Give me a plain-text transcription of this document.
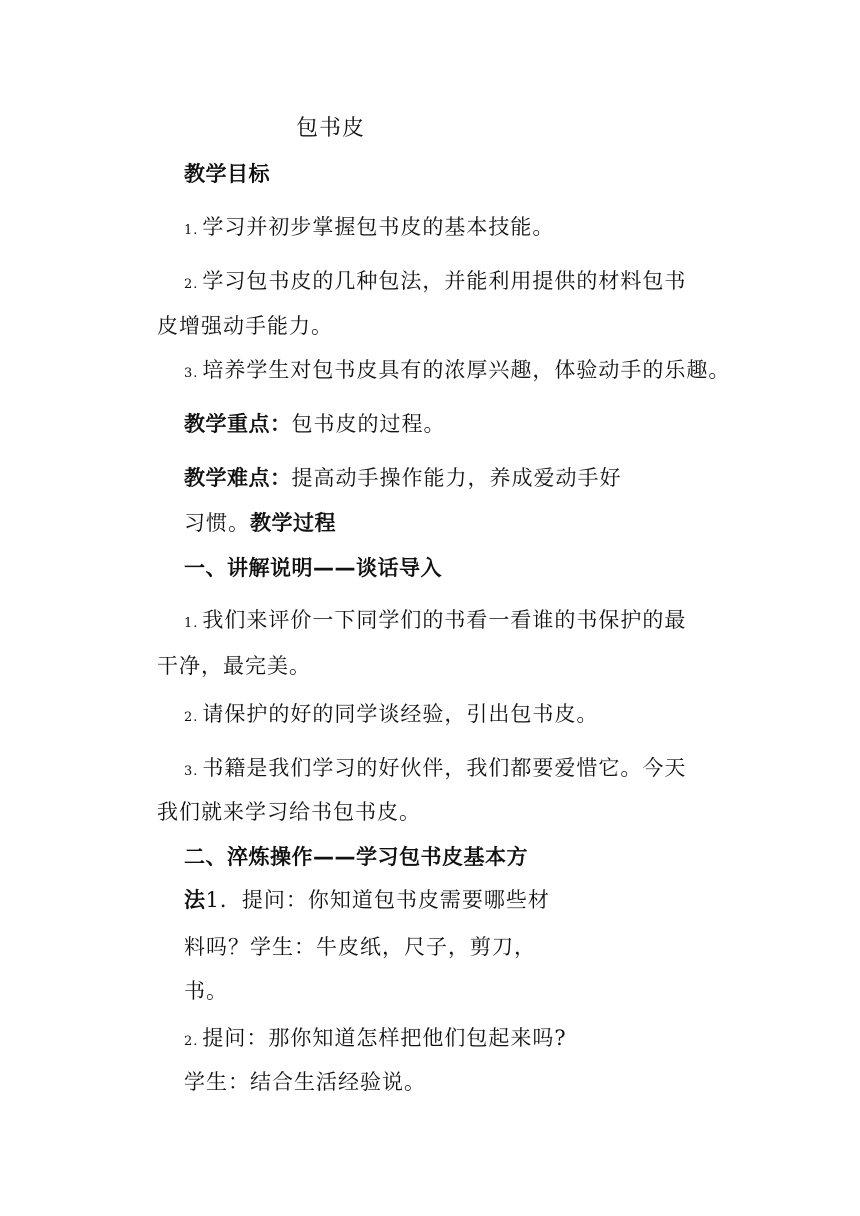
包书皮
教学目标
1. 学习并初步掌握包书皮的基本技能。
2. 学习包书皮的几种包法，并能利用提供的材料包书
皮增强动手能力。
3. 培养学生对包书皮具有的浓厚兴趣，体验动手的乐趣。
教学重点：包书皮的过程。
教学难点：提高动手操作能力，养成爱动手好
习惯。教学过程
一、讲解说明——谈话导入
1. 我们来评价一下同学们的书看一看谁的书保护的最
干净，最完美。
2. 请保护的好的同学谈经验，引出包书皮。
3. 书籍是我们学习的好伙伴，我们都要爱惜它。今天
我们就来学习给书包书皮。
二、淬炼操作——学习包书皮基本方
法1．提问：你知道包书皮需要哪些材
料吗？学生：牛皮纸，尺子，剪刀，
书。
2. 提问：那你知道怎样把他们包起来吗?
学生：结合生活经验说。
